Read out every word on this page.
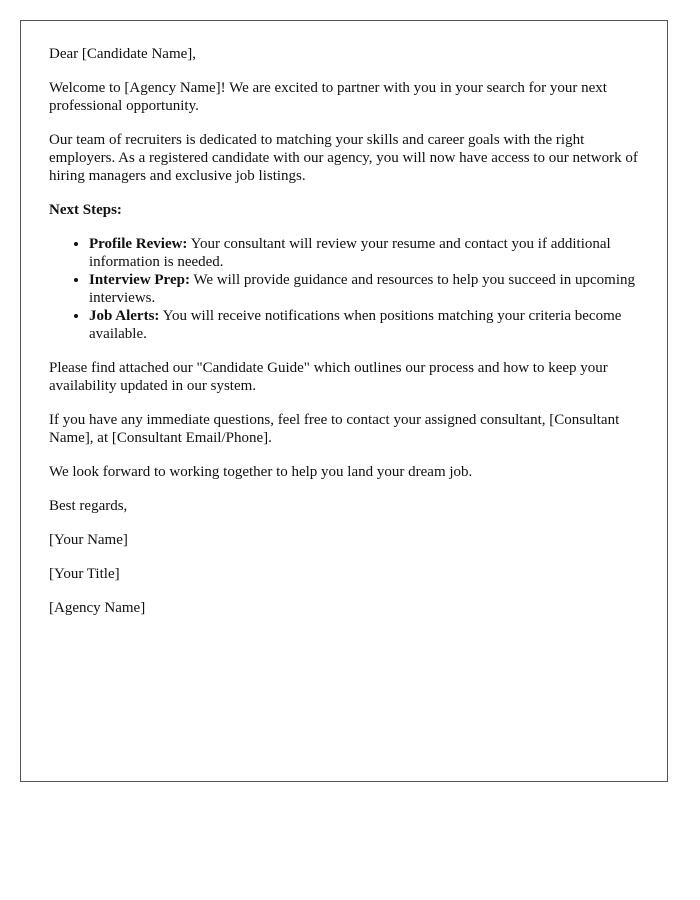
Dear [Candidate Name],

Welcome to [Agency Name]! We are excited to partner with you in your search for your next professional opportunity.

Our team of recruiters is dedicated to matching your skills and career goals with the right employers. As a registered candidate with our agency, you will now have access to our network of hiring managers and exclusive job listings.

Next Steps:

• Profile Review: Your consultant will review your resume and contact you if additional information is needed.
• Interview Prep: We will provide guidance and resources to help you succeed in upcoming interviews.
• Job Alerts: You will receive notifications when positions matching your criteria become available.

Please find attached our "Candidate Guide" which outlines our process and how to keep your availability updated in our system.

If you have any immediate questions, feel free to contact your assigned consultant, [Consultant Name], at [Consultant Email/Phone].

We look forward to working together to help you land your dream job.

Best regards,

[Your Name]

[Your Title]

[Agency Name]
